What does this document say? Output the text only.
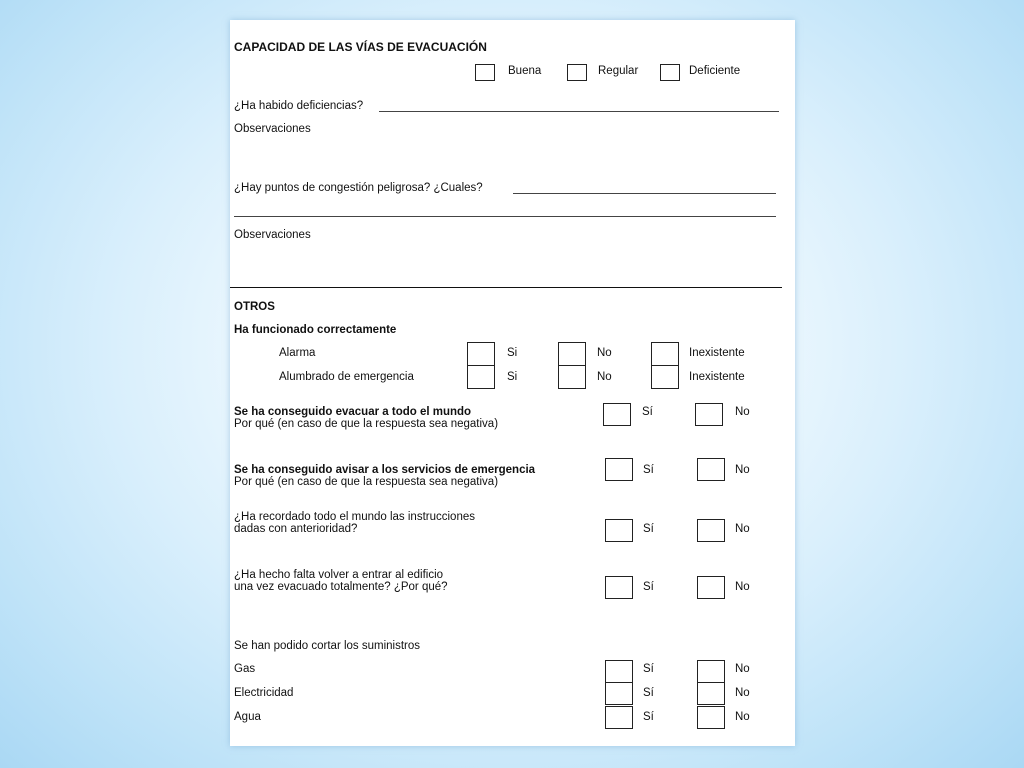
CAPACIDAD DE LAS VÍAS DE EVACUACIÓN
Buena	Regular	Deficiente
¿Ha habido deficiencias?
Observaciones
¿Hay puntos de congestión peligrosa? ¿Cuales?
Observaciones
OTROS
Ha funcionado correctamente
Alarma	Si	No	Inexistente
Alumbrado de emergencia	Si	No	Inexistente
Se ha conseguido evacuar a todo el mundo
Por qué (en caso de que la respuesta sea negativa)
Sí	No
Se ha conseguido avisar a los servicios de emergencia
Por qué (en caso de que la respuesta sea negativa)
Sí	No
¿Ha recordado todo el mundo las instrucciones
dadas con anterioridad?	Sí	No
¿Ha hecho falta volver a entrar al edificio
una vez evacuado totalmente? ¿Por qué?	Sí	No
Se han podido cortar los suministros
Gas	Sí	No
Electricidad	Sí	No
Agua	Sí	No
